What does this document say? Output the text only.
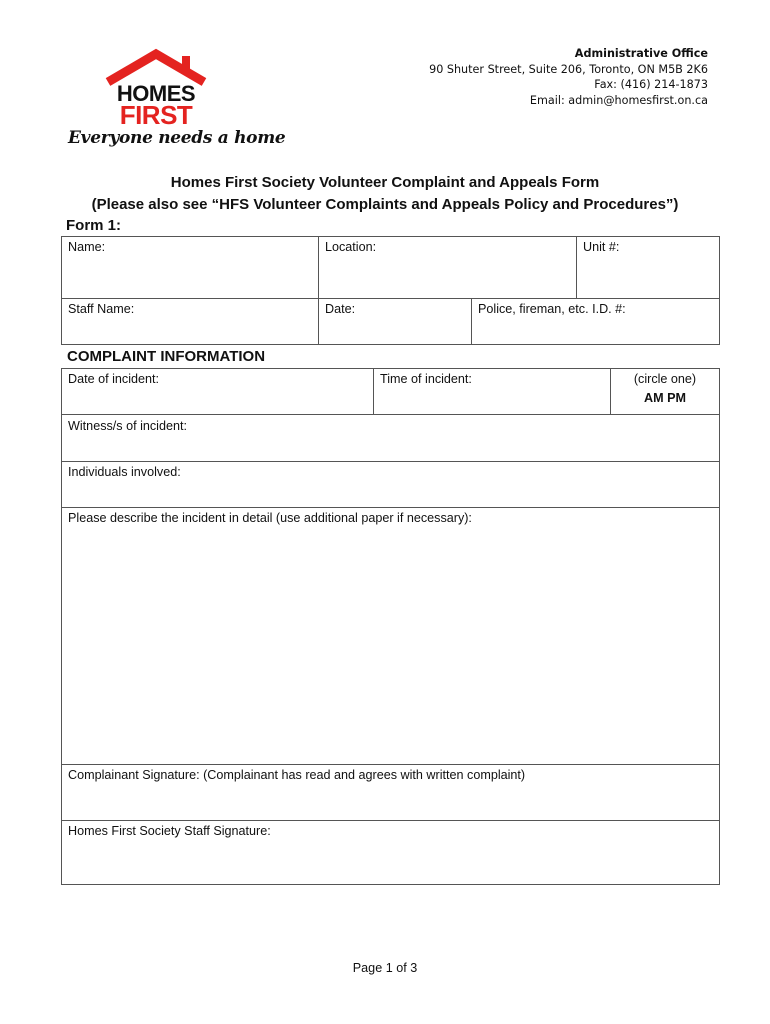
HOMES
FIRST
Everyone needs a home
Administrative Office
90 Shuter Street, Suite 206, Toronto, ON M5B 2K6
Fax: (416) 214-1873
Email: admin@homesfirst.on.ca
Homes First Society Volunteer Complaint and Appeals Form
(Please also see “HFS Volunteer Complaints and Appeals Policy and Procedures”)
Form 1:
Name:	Location:	Unit #:
Staff Name:	Date:	Police, fireman, etc. I.D. #:
COMPLAINT INFORMATION
Date of incident:	Time of incident:	(circle one)
AM PM
Witness/s of incident:
Individuals involved:
Please describe the incident in detail (use additional paper if necessary):
Complainant Signature: (Complainant has read and agrees with written complaint)
Homes First Society Staff Signature:
Page 1 of 3
